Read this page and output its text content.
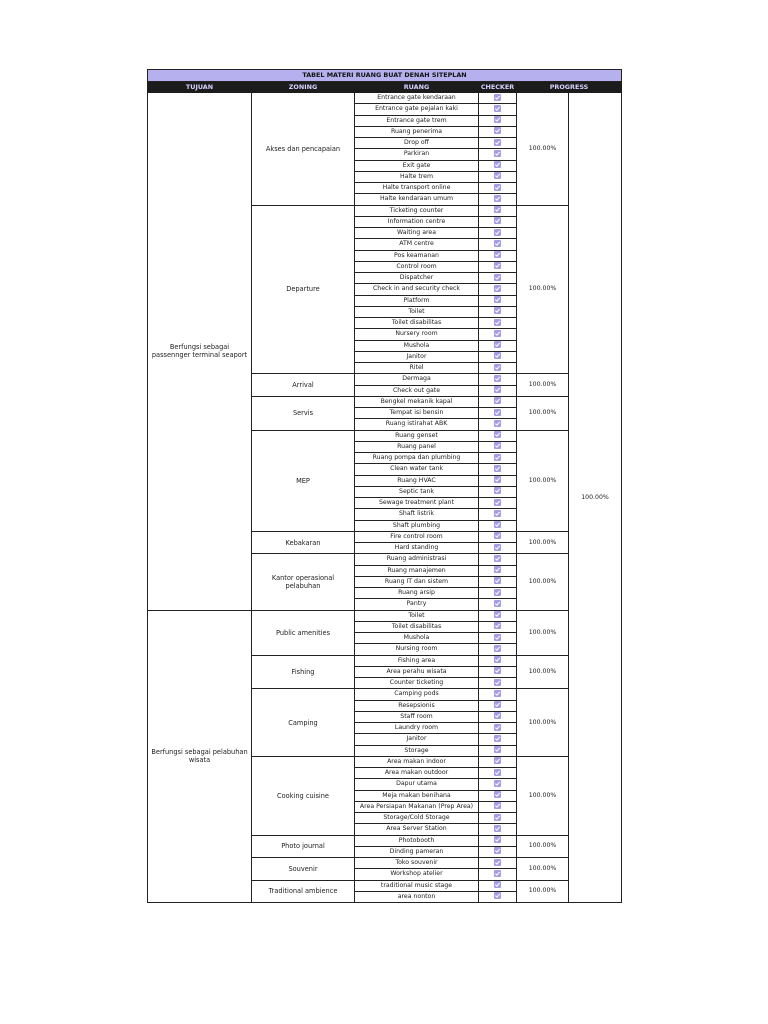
TABEL MATERI RUANG BUAT DENAH SITEPLAN					
TUJUAN	ZONING	RUANG	CHECKER	PROGRESS	
Berfungsi sebagai passennger terminal seaport	Akses dan pencapaian	Entrance gate kendaraan		100.00%	100.00%
		Entrance gate pejalan kaki	

		Entrance gate trem	

		Ruang penerima	

		Drop off	

		Parkiran	

		Exit gate	

		Halte trem	

		Halte transport online	

		Halte kendaraan umum	

	Departure	Ticketing counter		100.00%	
		Information centre	

		Waiting area	

		ATM centre	

		Pos keamanan	

		Control room	

		Dispatcher	

		Check in and security check	

		Platform	

		Toilet	

		Toilet disabilitas	

		Nursery room	

		Mushola	

		Janitor	

		Ritel	

	Arrival	Dermaga		100.00%	
		Check out gate	

	Servis	Bengkel mekanik kapal		100.00%	
		Tempat isi bensin	

		Ruang istirahat ABK	

	MEP	Ruang genset		100.00%	
		Ruang panel	

		Ruang pompa dan plumbing	

		Clean water tank	

		Ruang HVAC	

		Septic tank	

		Sewage treatment plant	

		Shaft listrik	

		Shaft plumbing	

	Kebakaran	Fire control room		100.00%	
		Hard standing	

	Kantor operasional pelabuhan	Ruang administrasi		100.00%	
		Ruang manajemen	

		Ruang IT dan sistem	

		Ruang arsip	

		Pantry	

Berfungsi sebagai pelabuhan wisata	Public amenities	Toilet		100.00%	
		Toilet disabilitas	

		Mushola	

		Nursing room	

	Fishing	Fishing area		100.00%	
		Area perahu wisata	

		Counter ticketing	

	Camping	Camping pods		100.00%	
		Resepsionis	

		Staff room	

		Laundry room	

		Janitor	

		Storage	

	Cooking cuisine	Area makan indoor		100.00%	
		Area makan outdoor	

		Dapur utama	

		Meja makan benihana	

		Area Persiapan Makanan (Prep Area)	

		Storage/Cold Storage	

		Area Server Station	

	Photo journal	Photobooth		100.00%	
		Dinding pameran	

	Souvenir	Toko souvenir		100.00%	
		Workshop atelier	

	Traditional ambience	traditional music stage		100.00%	
		area nonton	
